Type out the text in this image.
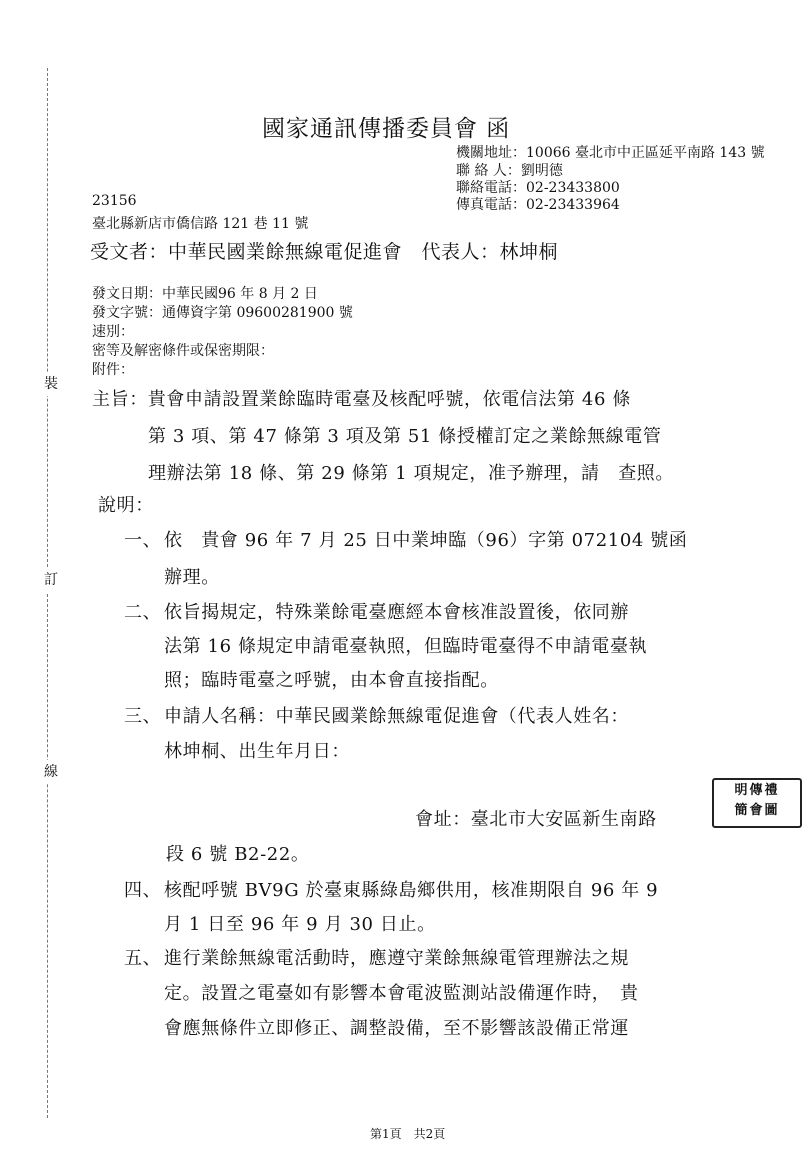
裝
訂
線
國家通訊傳播委員會 函
機關地址：10066 臺北市中正區延平南路 143 號
聯 絡 人：劉明德
聯絡電話：02-23433800
傳真電話：02-23433964
23156
臺北縣新店市僑信路 121 巷 11 號
受文者：中華民國業餘無線電促進會　代表人：林坤桐
發文日期：中華民國96 年 8 月 2 日
發文字號：通傳資字第 09600281900 號
速別：
密等及解密條件或保密期限：
附件：
主旨：貴會申請設置業餘臨時電臺及核配呼號，依電信法第 46 條
第 3 項、第 47 條第 3 項及第 51 條授權訂定之業餘無線電管
理辦法第 18 條、第 29 條第 1 項規定，准予辦理，請　查照。
說明：
一、 依　貴會 96 年 7 月 25 日中業坤臨（96）字第 072104 號函
辦理。
二、 依旨揭規定，特殊業餘電臺應經本會核准設置後，依同辦
法第 16 條規定申請電臺執照，但臨時電臺得不申請電臺執
照；臨時電臺之呼號，由本會直接指配。
三、 申請人名稱：中華民國業餘無線電促進會（代表人姓名：
林坤桐、出生年月日：
會址：臺北市大安區新生南路
明傳禮
簡會圖
段 6 號 B2-22。
四、 核配呼號 BV9G 於臺東縣綠島鄉供用，核准期限自 96 年 9
月 1 日至 96 年 9 月 30 日止。
五、 進行業餘無線電活動時，應遵守業餘無線電管理辦法之規
定。設置之電臺如有影響本會電波監測站設備運作時，　貴
會應無條件立即修正、調整設備，至不影響該設備正常運
第1頁　共2頁
